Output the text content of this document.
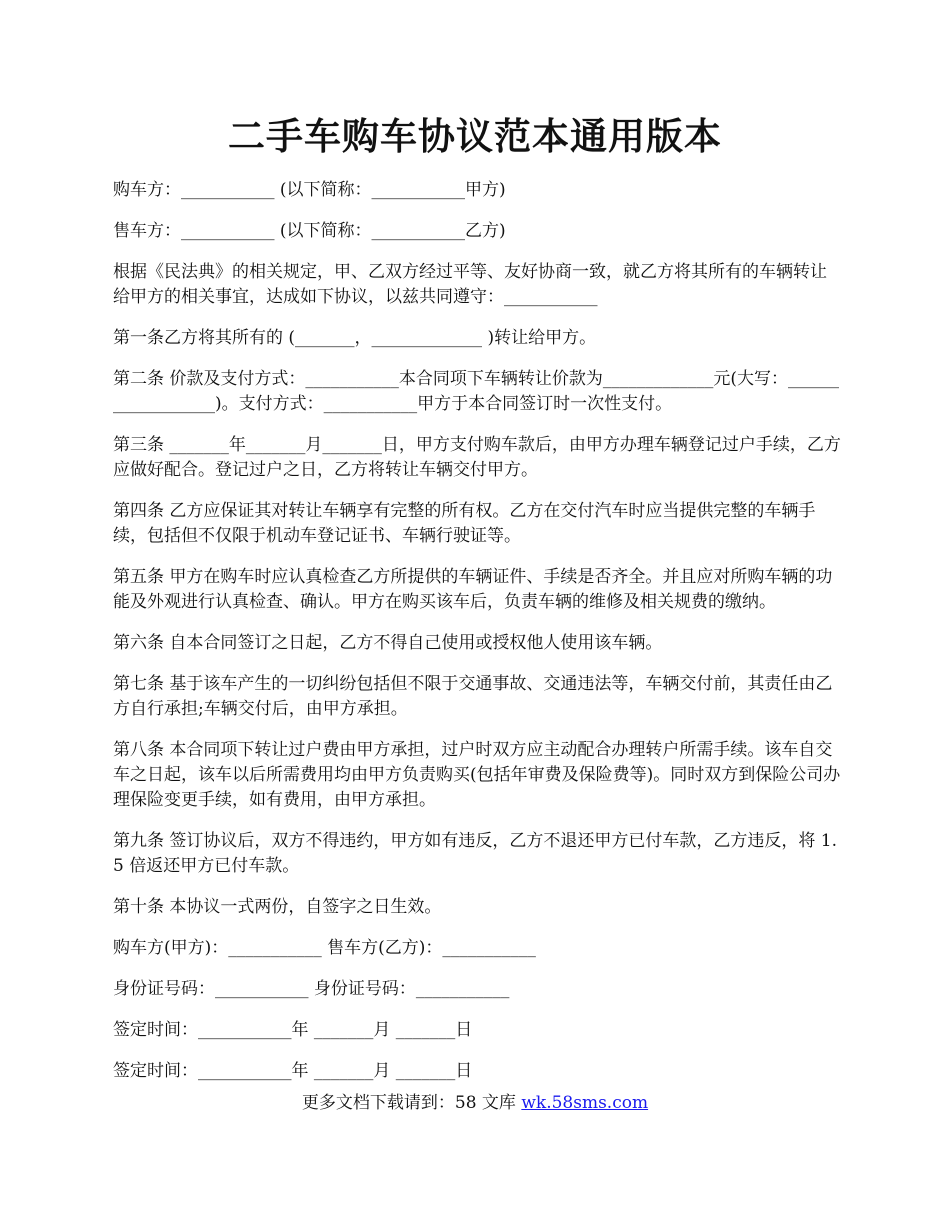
二手车购车协议范本通用版本

购车方：___________ (以下简称：___________甲方)

售车方：___________ (以下简称：___________乙方)

根据《民法典》的相关规定，甲、乙双方经过平等、友好协商一致，就乙方将其所有的车辆转让给甲方的相关事宜，达成如下协议，以兹共同遵守：___________

第一条乙方将其所有的 (_______，_____________ )转让给甲方。

第二条 价款及支付方式：___________本合同项下车辆转让价款为_____________元(大写：__________________)。支付方式：___________甲方于本合同签订时一次性支付。

第三条 _______年_______月_______日，甲方支付购车款后，由甲方办理车辆登记过户手续，乙方应做好配合。登记过户之日，乙方将转让车辆交付甲方。

第四条 乙方应保证其对转让车辆享有完整的所有权。乙方在交付汽车时应当提供完整的车辆手续，包括但不仅限于机动车登记证书、车辆行驶证等。

第五条 甲方在购车时应认真检查乙方所提供的车辆证件、手续是否齐全。并且应对所购车辆的功能及外观进行认真检查、确认。甲方在购买该车后，负责车辆的维修及相关规费的缴纳。

第六条 自本合同签订之日起，乙方不得自己使用或授权他人使用该车辆。

第七条 基于该车产生的一切纠纷包括但不限于交通事故、交通违法等，车辆交付前，其责任由乙方自行承担;车辆交付后，由甲方承担。

第八条 本合同项下转让过户费由甲方承担，过户时双方应主动配合办理转户所需手续。该车自交车之日起，该车以后所需费用均由甲方负责购买(包括年审费及保险费等)。同时双方到保险公司办理保险变更手续，如有费用，由甲方承担。

第九条 签订协议后，双方不得违约，甲方如有违反，乙方不退还甲方已付车款，乙方违反，将 1.5 倍返还甲方已付车款。

第十条 本协议一式两份，自签字之日生效。

购车方(甲方)：___________ 售车方(乙方)：___________

身份证号码：___________ 身份证号码：___________

签定时间：___________年 _______月 _______日

签定时间：___________年 _______月 _______日

更多文档下载请到：58 文库 wk.58sms.com
